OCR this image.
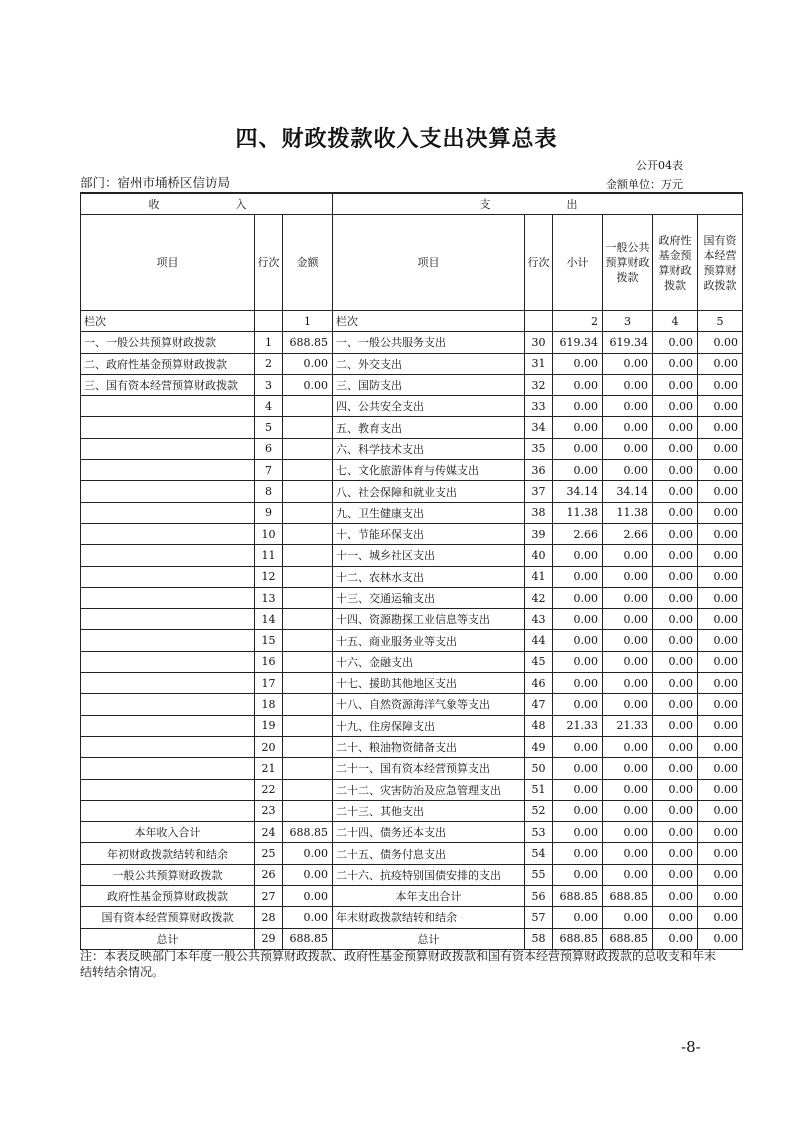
四、财政拨款收入支出决算总表
公开04表
部门：宿州市埇桥区信访局	金额单位：万元
收　　入			支　　出					
项目	行次	金额	项目	行次	小计	一般公共预算财政拨款	政府性基金预算财政拨款	国有资本经营预算财政拨款
栏次		1	栏次		2	3	4	5
一、一般公共预算财政拨款	1	688.85	一、一般公共服务支出	30	619.34	619.34	0.00	0.00
二、政府性基金预算财政拨款	2	0.00	二、外交支出	31	0.00	0.00	0.00	0.00
三、国有资本经营预算财政拨款	3	0.00	三、国防支出	32	0.00	0.00	0.00	0.00
	4		四、公共安全支出	33	0.00	0.00	0.00	0.00
	5		五、教育支出	34	0.00	0.00	0.00	0.00
	6		六、科学技术支出	35	0.00	0.00	0.00	0.00
	7		七、文化旅游体育与传媒支出	36	0.00	0.00	0.00	0.00
	8		八、社会保障和就业支出	37	34.14	34.14	0.00	0.00
	9		九、卫生健康支出	38	11.38	11.38	0.00	0.00
	10		十、节能环保支出	39	2.66	2.66	0.00	0.00
	11		十一、城乡社区支出	40	0.00	0.00	0.00	0.00
	12		十二、农林水支出	41	0.00	0.00	0.00	0.00
	13		十三、交通运输支出	42	0.00	0.00	0.00	0.00
	14		十四、资源勘探工业信息等支出	43	0.00	0.00	0.00	0.00
	15		十五、商业服务业等支出	44	0.00	0.00	0.00	0.00
	16		十六、金融支出	45	0.00	0.00	0.00	0.00
	17		十七、援助其他地区支出	46	0.00	0.00	0.00	0.00
	18		十八、自然资源海洋气象等支出	47	0.00	0.00	0.00	0.00
	19		十九、住房保障支出	48	21.33	21.33	0.00	0.00
	20		二十、粮油物资储备支出	49	0.00	0.00	0.00	0.00
	21		二十一、国有资本经营预算支出	50	0.00	0.00	0.00	0.00
	22		二十二、灾害防治及应急管理支出	51	0.00	0.00	0.00	0.00
	23		二十三、其他支出	52	0.00	0.00	0.00	0.00
本年收入合计	24	688.85	二十四、债务还本支出	53	0.00	0.00	0.00	0.00
年初财政拨款结转和结余	25	0.00	二十五、债务付息支出	54	0.00	0.00	0.00	0.00
一般公共预算财政拨款	26	0.00	二十六、抗疫特别国债安排的支出	55	0.00	0.00	0.00	0.00
政府性基金预算财政拨款	27	0.00	本年支出合计	56	688.85	688.85	0.00	0.00
国有资本经营预算财政拨款	28	0.00	年末财政拨款结转和结余	57	0.00	0.00	0.00	0.00
总计	29	688.85	总计	58	688.85	688.85	0.00	0.00
注：本表反映部门本年度一般公共预算财政拨款、政府性基金预算财政拨款和国有资本经营预算财政拨款的总收支和年末结转结余情况。
-8-
